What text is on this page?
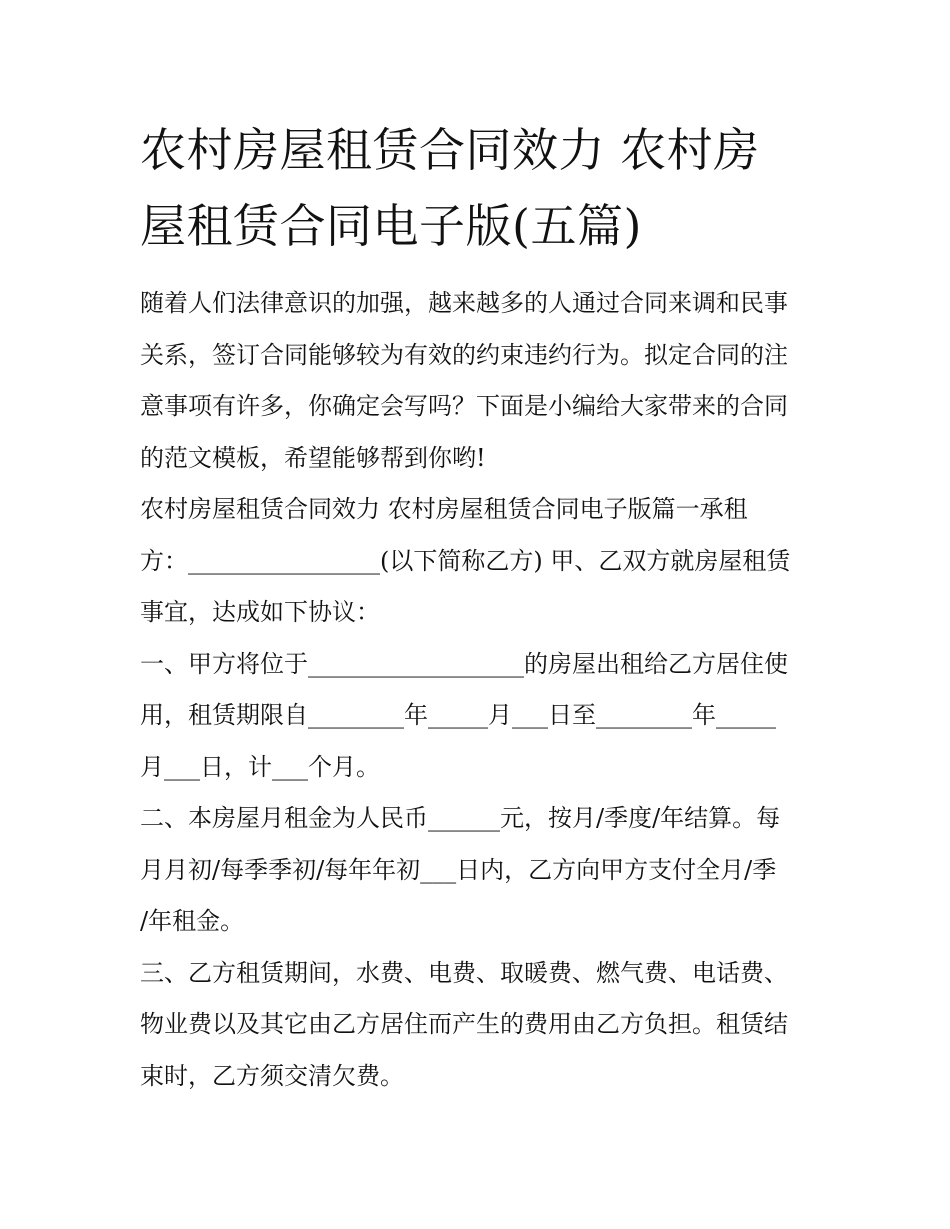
农村房屋租赁合同效力 农村房
屋租赁合同电子版(五篇)
随着人们法律意识的加强，越来越多的人通过合同来调和民事
关系，签订合同能够较为有效的约束违约行为。拟定合同的注
意事项有许多，你确定会写吗？下面是小编给大家带来的合同
的范文模板，希望能够帮到你哟!
农村房屋租赁合同效力 农村房屋租赁合同电子版篇一承租
方：________________(以下简称乙方) 甲、乙双方就房屋租赁
事宜，达成如下协议：
一、甲方将位于__________________的房屋出租给乙方居住使
用，租赁期限自________年_____月___日至________年_____
月___日，计___个月。
二、本房屋月租金为人民币______元，按月/季度/年结算。每
月月初/每季季初/每年年初___日内，乙方向甲方支付全月/季
/年租金。
三、乙方租赁期间，水费、电费、取暖费、燃气费、电话费、
物业费以及其它由乙方居住而产生的费用由乙方负担。租赁结
束时，乙方须交清欠费。
